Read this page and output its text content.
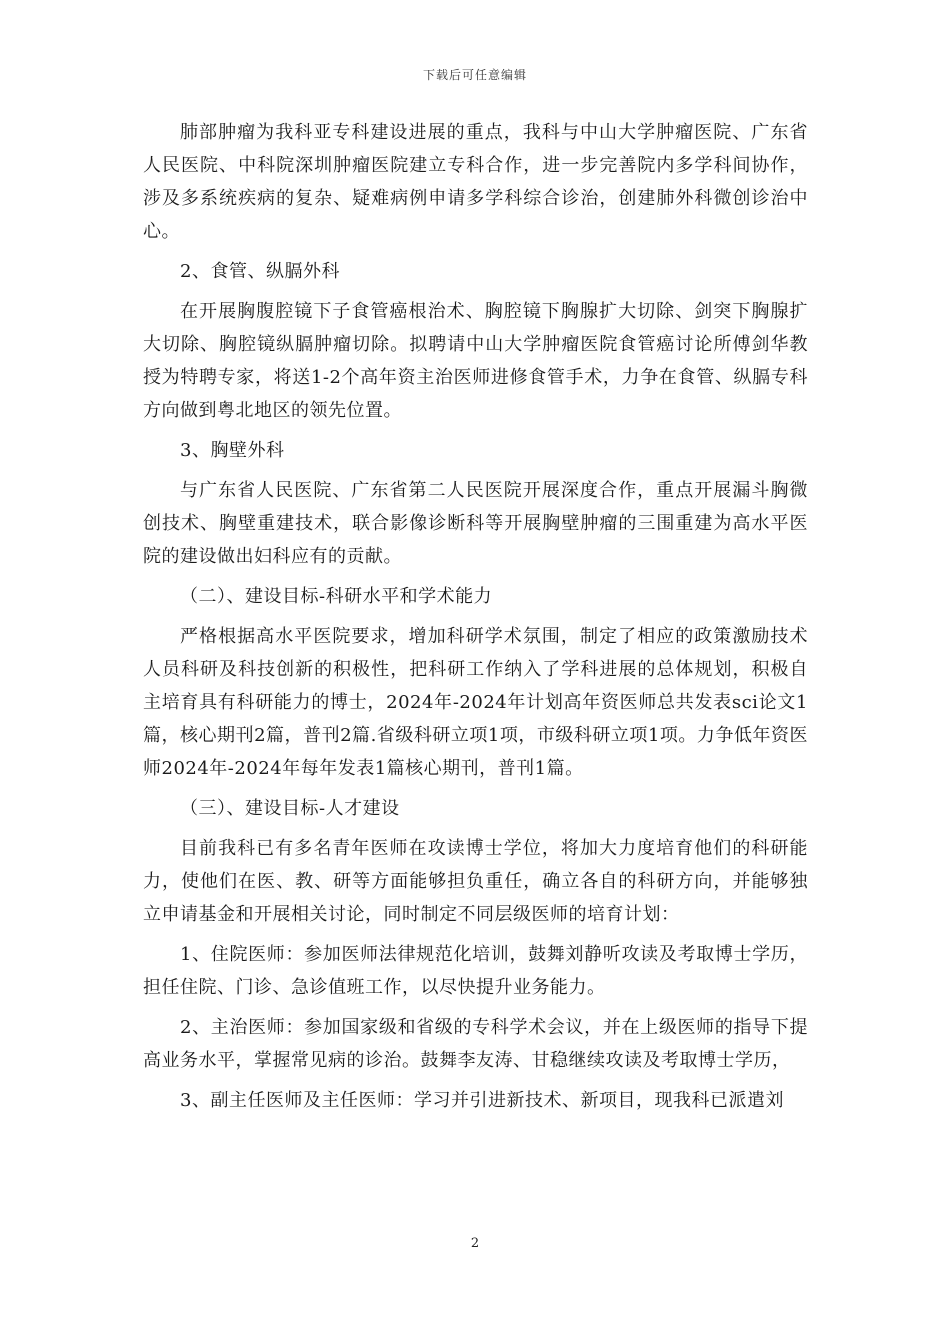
下载后可任意编辑

肺部肿瘤为我科亚专科建设进展的重点，我科与中山大学肿瘤医院、广东省人民医院、中科院深圳肿瘤医院建立专科合作，进一步完善院内多学科间协作，涉及多系统疾病的复杂、疑难病例申请多学科综合诊治，创建肺外科微创诊治中心。

2、食管、纵膈外科

在开展胸腹腔镜下子食管癌根治术、胸腔镜下胸腺扩大切除、剑突下胸腺扩大切除、胸腔镜纵膈肿瘤切除。拟聘请中山大学肿瘤医院食管癌讨论所傅剑华教授为特聘专家，将送1-2个高年资主治医师进修食管手术，力争在食管、纵膈专科方向做到粤北地区的领先位置。

3、胸壁外科

与广东省人民医院、广东省第二人民医院开展深度合作，重点开展漏斗胸微创技术、胸壁重建技术，联合影像诊断科等开展胸壁肿瘤的三围重建为高水平医院的建设做出妇科应有的贡献。

（二）、建设目标-科研水平和学术能力

严格根据高水平医院要求，增加科研学术氛围，制定了相应的政策激励技术人员科研及科技创新的积极性，把科研工作纳入了学科进展的总体规划，积极自主培育具有科研能力的博士，2024年-2024年计划高年资医师总共发表sci论文1篇，核心期刊2篇，普刊2篇.省级科研立项1项，市级科研立项1项。力争低年资医师2024年-2024年每年发表1篇核心期刊，普刊1篇。

（三）、建设目标-人才建设

目前我科已有多名青年医师在攻读博士学位，将加大力度培育他们的科研能力，使他们在医、教、研等方面能够担负重任，确立各自的科研方向，并能够独立申请基金和开展相关讨论，同时制定不同层级医师的培育计划：

1、住院医师：参加医师法律规范化培训，鼓舞刘静听攻读及考取博士学历，担任住院、门诊、急诊值班工作，以尽快提升业务能力。

2、主治医师：参加国家级和省级的专科学术会议，并在上级医师的指导下提高业务水平，掌握常见病的诊治。鼓舞李友涛、甘稳继续攻读及考取博士学历，

3、副主任医师及主任医师：学习并引进新技术、新项目，现我科已派遣刘

2
